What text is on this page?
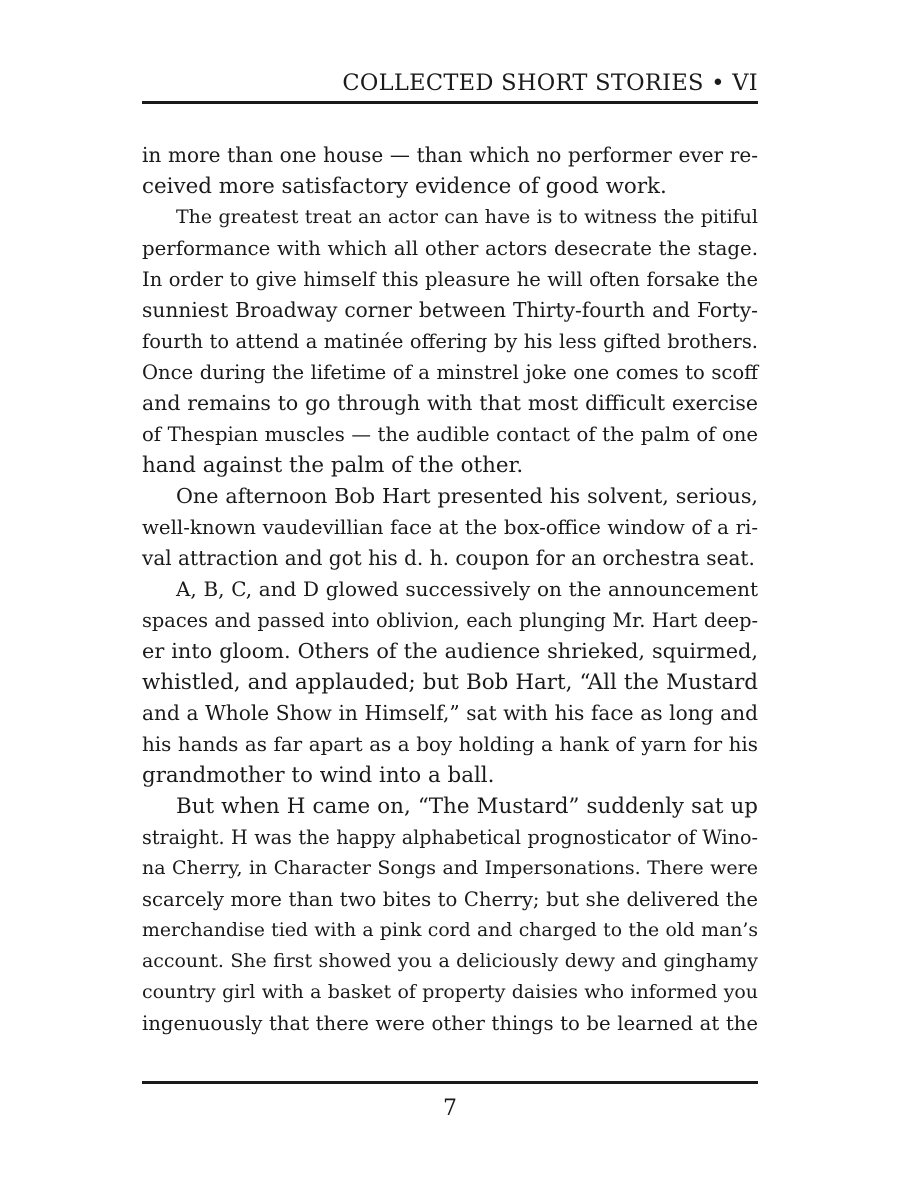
COLLECTED SHORT STORIES • VI
in more than one house — than which no performer ever re-
ceived more satisfactory evidence of good work.
The greatest treat an actor can have is to witness the pitiful
performance with which all other actors desecrate the stage.
In order to give himself this pleasure he will often forsake the
sunniest Broadway corner between Thirty-fourth and Forty-
fourth to attend a matinée offering by his less gifted brothers.
Once during the lifetime of a minstrel joke one comes to scoff
and remains to go through with that most difficult exercise
of Thespian muscles — the audible contact of the palm of one
hand against the palm of the other.
One afternoon Bob Hart presented his solvent, serious,
well-known vaudevillian face at the box-office window of a ri-
val attraction and got his d. h. coupon for an orchestra seat.
A, B, C, and D glowed successively on the announcement
spaces and passed into oblivion, each plunging Mr. Hart deep-
er into gloom. Others of the audience shrieked, squirmed,
whistled, and applauded; but Bob Hart, “All the Mustard
and a Whole Show in Himself,” sat with his face as long and
his hands as far apart as a boy holding a hank of yarn for his
grandmother to wind into a ball.
But when H came on, “The Mustard” suddenly sat up
straight. H was the happy alphabetical prognosticator of Wino-
na Cherry, in Character Songs and Impersonations. There were
scarcely more than two bites to Cherry; but she delivered the
merchandise tied with a pink cord and charged to the old man’s
account. She first showed you a deliciously dewy and ginghamy
country girl with a basket of property daisies who informed you
ingenuously that there were other things to be learned at the
7
